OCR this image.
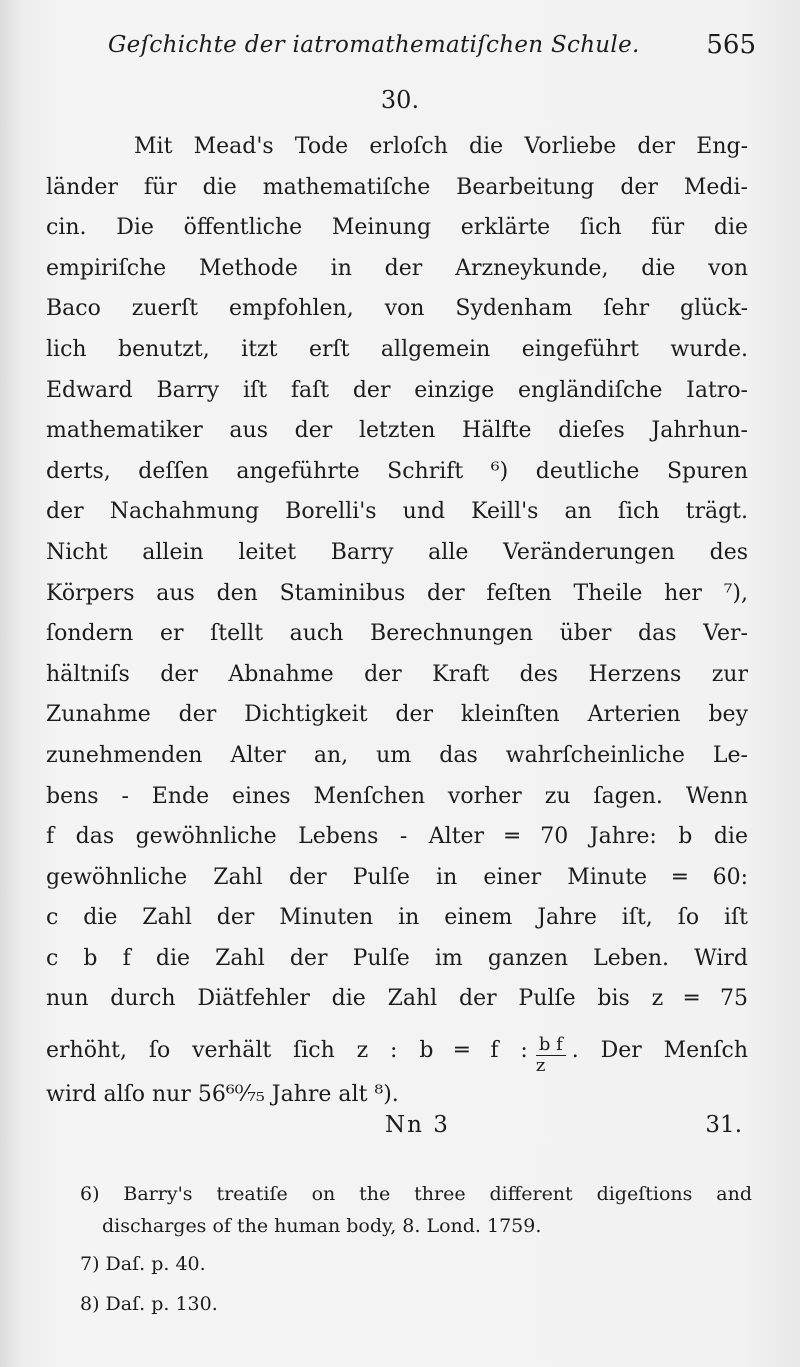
Geſchichte der iatromathematiſchen Schule.	565
30.
Mit Mead's Tode erloſch die Vorliebe der Eng-
länder für die mathematiſche Bearbeitung der Medi-
cin. Die öffentliche Meinung erklärte ſich für die
empiriſche Methode in der Arzneykunde, die von
Baco zuerſt empfohlen, von Sydenham ſehr glück-
lich benutzt, itzt erſt allgemein eingeführt wurde.
Edward Barry iſt faſt der einzige engländiſche Iatro-
mathematiker aus der letzten Hälfte dieſes Jahrhun-
derts, deſſen angeführte Schrift ⁶) deutliche Spuren
der Nachahmung Borelli's und Keill's an ſich trägt.
Nicht allein leitet Barry alle Veränderungen des
Körpers aus den Staminibus der feſten Theile her ⁷),
ſondern er ſtellt auch Berechnungen über das Ver-
hältniſs der Abnahme der Kraft des Herzens zur
Zunahme der Dichtigkeit der kleinſten Arterien bey
zunehmenden Alter an, um das wahrſcheinliche Le-
bens - Ende eines Menſchen vorher zu ſagen. Wenn
f das gewöhnliche Lebens - Alter ═ 70 Jahre: b die
gewöhnliche Zahl der Pulſe in einer Minute ═ 60:
c die Zahl der Minuten in einem Jahre iſt, ſo iſt
c b f die Zahl der Pulſe im ganzen Leben. Wird
nun durch Diätfehler die Zahl der Pulſe bis z ═ 75
erhöht, ſo verhält ſich z : b ═ f : $\frac{\text{b f}}{z}$ . Der Menſch
wird alſo nur 56⁶⁰⁄₇₅ Jahre alt ⁸).
Nn 3	31.
6) Barry's treatiſe on the three different digeſtions and
discharges of the human body, 8. Lond. 1759.
7) Daſ. p. 40.
8) Daſ. p. 130.
